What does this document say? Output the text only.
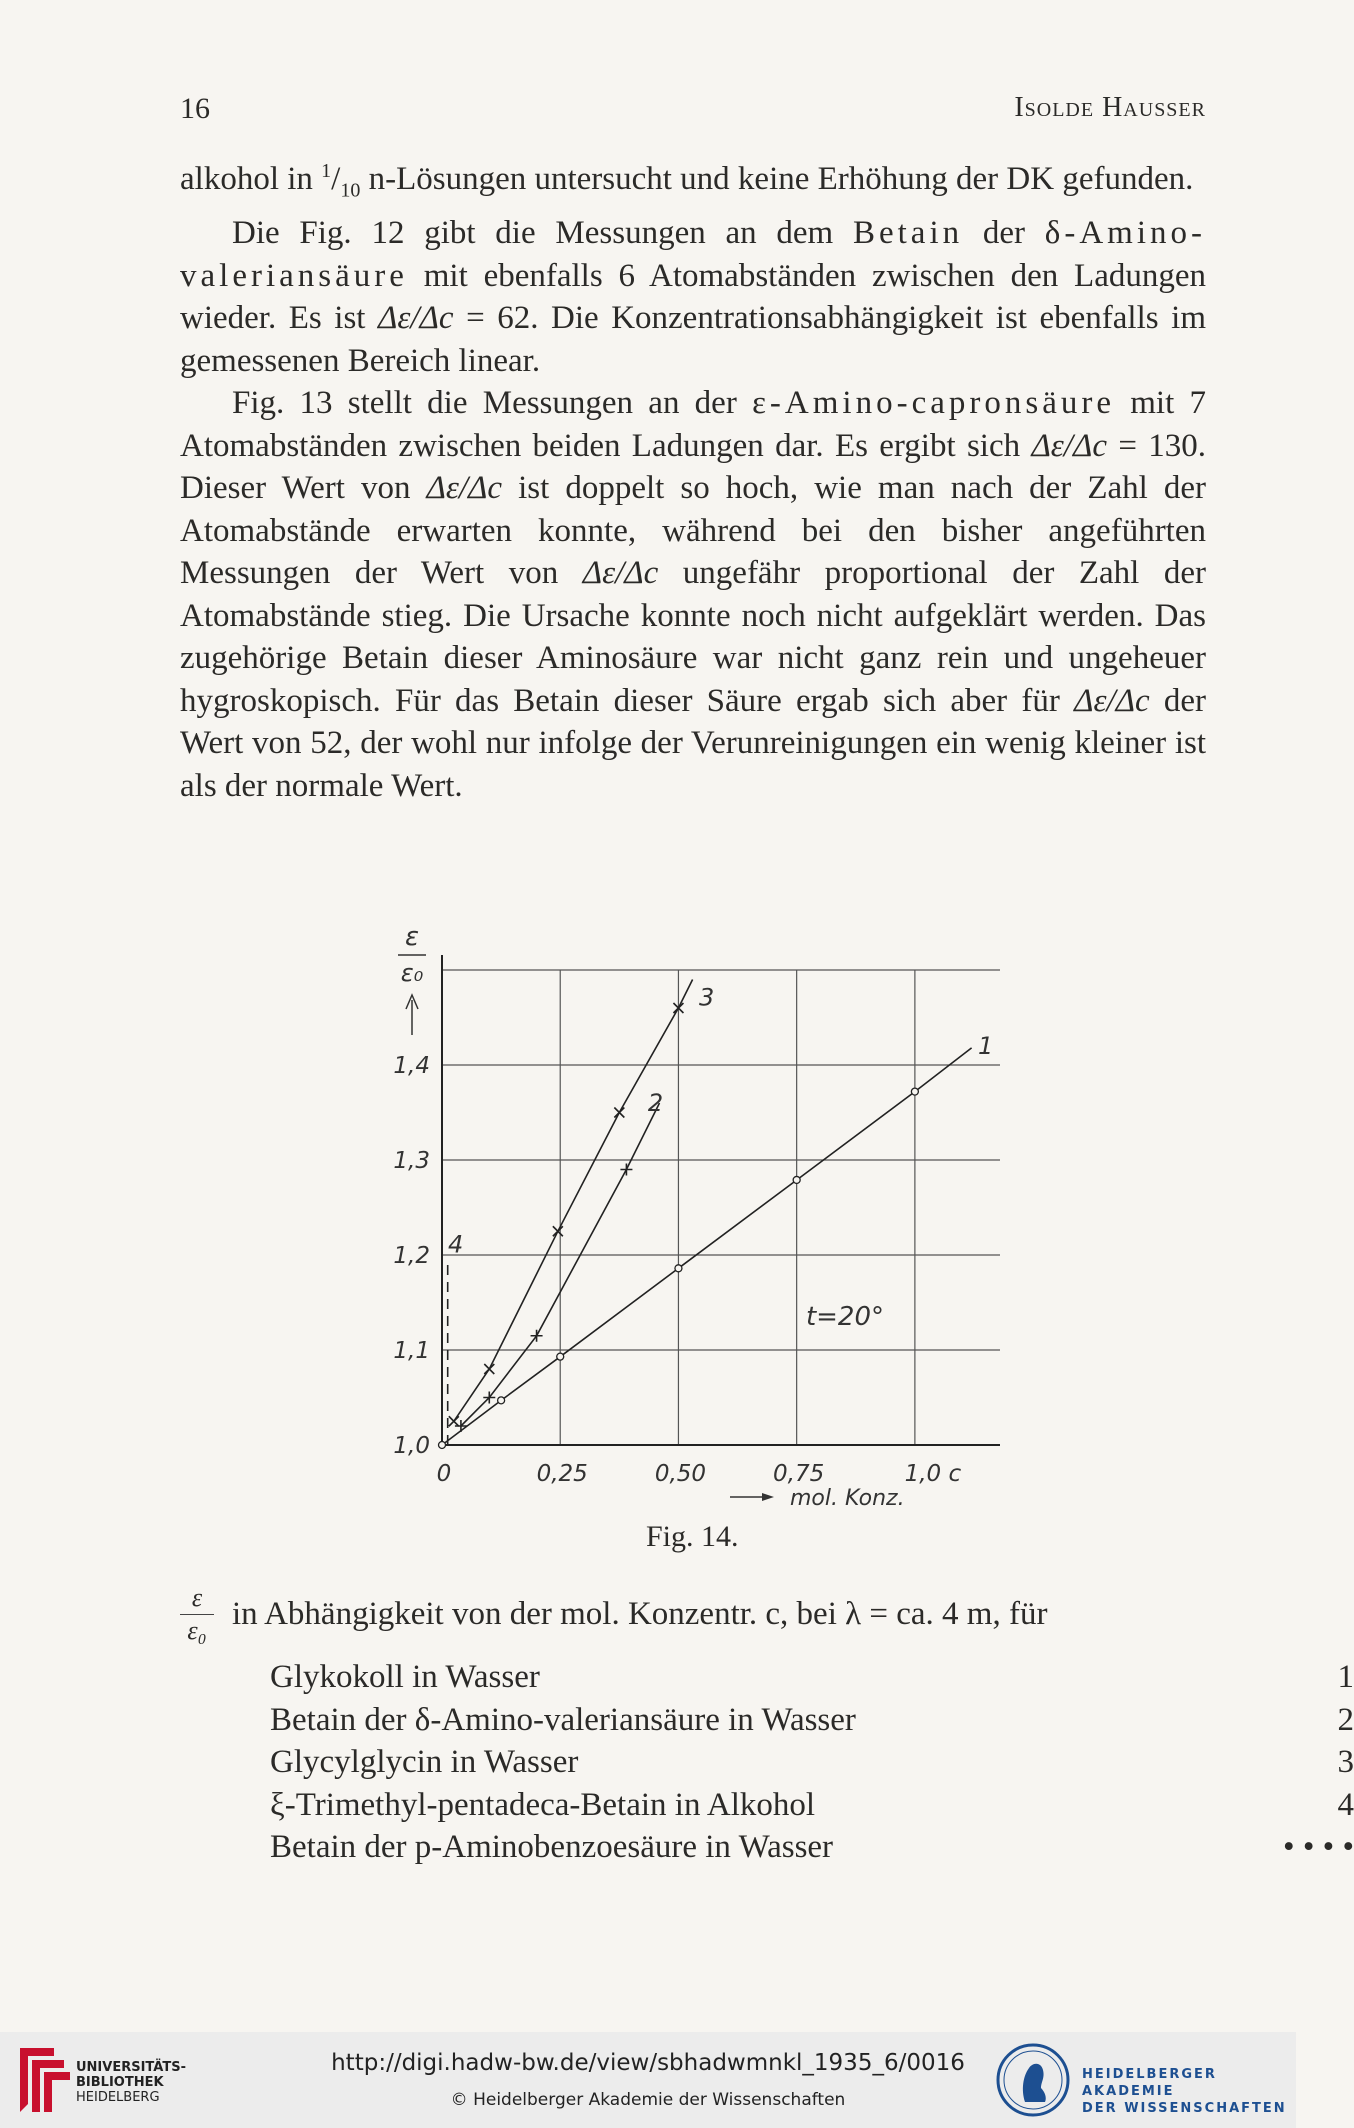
16	Isolde Hausser

alkohol in $^1/_{10}$ n-Lösungen untersucht und keine Erhöhung der DK gefunden.

Die Fig. 12 gibt die Messungen an dem Betain der δ-Amino-valeriansäure mit ebenfalls 6 Atomabständen zwischen den Ladungen wieder. Es ist Δε/Δc = 62. Die Konzentrationsabhängigkeit ist ebenfalls im gemessenen Bereich linear.

Fig. 13 stellt die Messungen an der ε-Amino-capronsäure mit 7 Atomabständen zwischen beiden Ladungen dar. Es ergibt sich Δε/Δc = 130. Dieser Wert von Δε/Δc ist doppelt so hoch, wie man nach der Zahl der Atomabstände erwarten konnte, während bei den bisher angeführten Messungen der Wert von Δε/Δc ungefähr proportional der Zahl der Atomabstände stieg. Die Ursache konnte noch nicht aufgeklärt werden. Das zugehörige Betain dieser Aminosäure war nicht ganz rein und ungeheuer hygroskopisch. Für das Betain dieser Säure ergab sich aber für Δε/Δc der Wert von 52, der wohl nur infolge der Verunreinigungen ein wenig kleiner ist als der normale Wert.

0	0,25	0,50	0,75	1,0 c
1,0
1,1
1,2
1,3
1,4
ε
ε₀
mol. Konz.
t=20°
1
2
3
4
Fig. 14.
$\frac{\varepsilon}{\text{ε₀}}$ in Abhängigkeit von der mol. Konzentr. c, bei λ = ca. 4 m, für
Glykokoll in Wasser	1
Betain der δ-Amino-valeriansäure in Wasser	2
Glycylglycin in Wasser	3
ξ-Trimethyl-pentadeca-Betain in Alkohol	4
Betain der p-Aminobenzoesäure in Wasser	• • • •
UNIVERSITÄTS-
BIBLIOTHEK
HEIDELBERG
http://digi.hadw-bw.de/view/sbhadwmnkl_1935_6/0016
© Heidelberger Akademie der Wissenschaften
HEIDELBERGER AKADEMIE
DER WISSENSCHAFTEN
